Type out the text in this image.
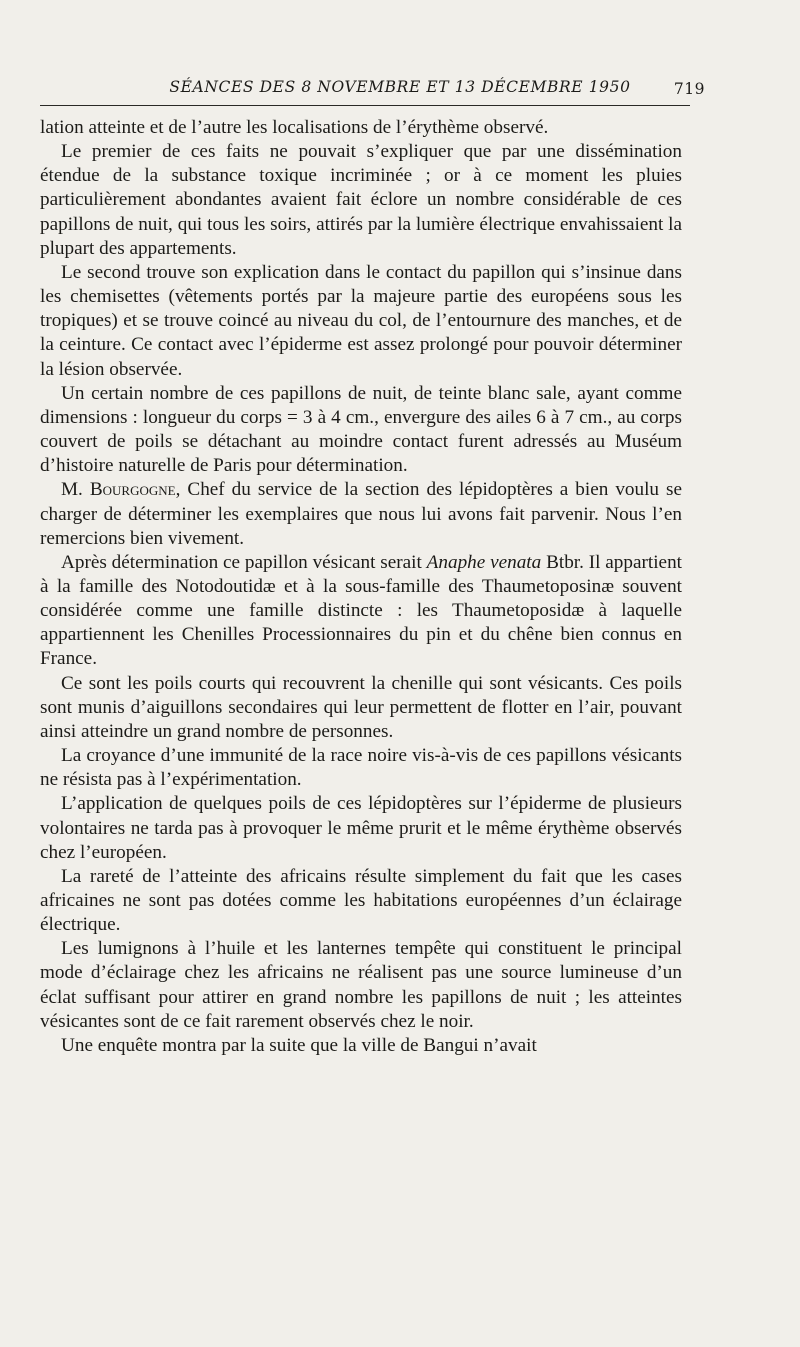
SÉANCES DES 8 NOVEMBRE ET 13 DÉCEMBRE 1950	719

lation atteinte et de l’autre les localisations de l’érythème observé.

Le premier de ces faits ne pouvait s’expliquer que par une dissémination étendue de la substance toxique incriminée ; or à ce moment les pluies particulièrement abondantes avaient fait éclore un nombre considérable de ces papillons de nuit, qui tous les soirs, attirés par la lumière électrique envahissaient la plupart des appartements.

Le second trouve son explication dans le contact du papillon qui s’insinue dans les chemisettes (vêtements portés par la majeure partie des européens sous les tropiques) et se trouve coincé au niveau du col, de l’entournure des manches, et de la ceinture. Ce contact avec l’épiderme est assez prolongé pour pouvoir déterminer la lésion observée.

Un certain nombre de ces papillons de nuit, de teinte blanc sale, ayant comme dimensions : longueur du corps = 3 à 4 cm., envergure des ailes 6 à 7 cm., au corps couvert de poils se détachant au moindre contact furent adressés au Muséum d’histoire naturelle de Paris pour détermination.

M. Bourgogne, Chef du service de la section des lépidoptères a bien voulu se charger de déterminer les exemplaires que nous lui avons fait parvenir. Nous l’en remercions bien vivement.

Après détermination ce papillon vésicant serait Anaphe venata Btbr. Il appartient à la famille des Notodoutidæ et à la sous-famille des Thaumetoposinæ souvent considérée comme une famille distincte : les Thaumetoposidæ à laquelle appartiennent les Chenilles Processionnaires du pin et du chêne bien connus en France.

Ce sont les poils courts qui recouvrent la chenille qui sont vésicants. Ces poils sont munis d’aiguillons secondaires qui leur permettent de flotter en l’air, pouvant ainsi atteindre un grand nombre de personnes.

La croyance d’une immunité de la race noire vis-à-vis de ces papillons vésicants ne résista pas à l’expérimentation.

L’application de quelques poils de ces lépidoptères sur l’épiderme de plusieurs volontaires ne tarda pas à provoquer le même prurit et le même érythème observés chez l’européen.

La rareté de l’atteinte des africains résulte simplement du fait que les cases africaines ne sont pas dotées comme les habitations européennes d’un éclairage électrique.

Les lumignons à l’huile et les lanternes tempête qui constituent le principal mode d’éclairage chez les africains ne réalisent pas une source lumineuse d’un éclat suffisant pour attirer en grand nombre les papillons de nuit ; les atteintes vésicantes sont de ce fait rarement observés chez le noir.

Une enquête montra par la suite que la ville de Bangui n’avait
